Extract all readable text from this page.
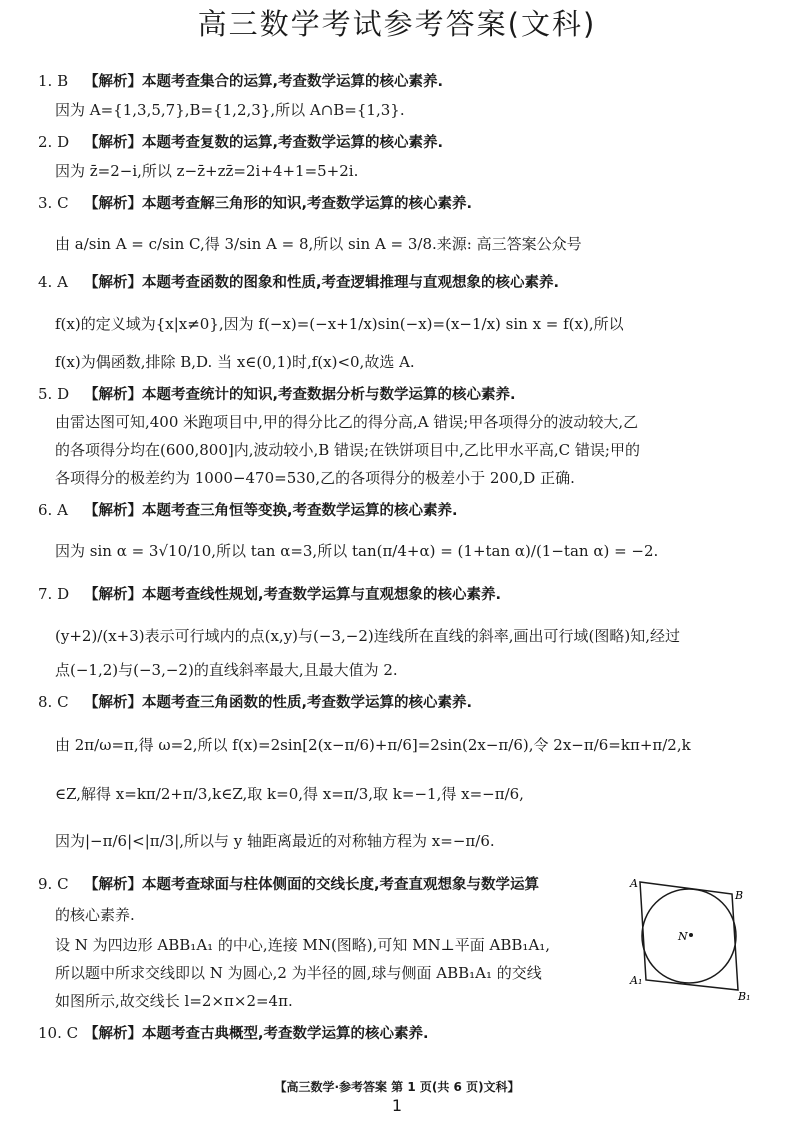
高三数学考试参考答案(文科)
1. B 【解析】本题考查集合的运算,考查数学运算的核心素养.
因为 A={1,3,5,7},B={1,2,3},所以 A∩B={1,3}.
2. D 【解析】本题考查复数的运算,考查数学运算的核心素养.
因为 z̄=2−i,所以 z−z̄+zz̄=2i+4+1=5+2i.
3. C 【解析】本题考查解三角形的知识,考查数学运算的核心素养.
由 a/sin A = c/sin C,得 3/sin A = 8,所以 sin A = 3/8.来源: 高三答案公众号
4. A 【解析】本题考查函数的图象和性质,考查逻辑推理与直观想象的核心素养.
f(x)的定义域为{x|x≠0},因为 f(−x)=(−x+1/x)sin(−x)=(x−1/x) sin x = f(x),所以
f(x)为偶函数,排除 B,D. 当 x∈(0,1)时,f(x)<0,故选 A.
5. D 【解析】本题考查统计的知识,考查数据分析与数学运算的核心素养.
由雷达图可知,400 米跑项目中,甲的得分比乙的得分高,A 错误;甲各项得分的波动较大,乙
的各项得分均在(600,800]内,波动较小,B 错误;在铁饼项目中,乙比甲水平高,C 错误;甲的
各项得分的极差约为 1000−470=530,乙的各项得分的极差小于 200,D 正确.
6. A 【解析】本题考查三角恒等变换,考查数学运算的核心素养.
因为 sin α = 3√10/10,所以 tan α=3,所以 tan(π/4+α) = (1+tan α)/(1−tan α) = −2.
7. D 【解析】本题考查线性规划,考查数学运算与直观想象的核心素养.
(y+2)/(x+3)表示可行域内的点(x,y)与(−3,−2)连线所在直线的斜率,画出可行域(图略)知,经过
点(−1,2)与(−3,−2)的直线斜率最大,且最大值为 2.
8. C 【解析】本题考查三角函数的性质,考查数学运算的核心素养.
由 2π/ω=π,得 ω=2,所以 f(x)=2sin[2(x−π/6)+π/6]=2sin(2x−π/6),令 2x−π/6=kπ+π/2,k
∈Z,解得 x=kπ/2+π/3,k∈Z,取 k=0,得 x=π/3,取 k=−1,得 x=−π/6,
因为|−π/6|<|π/3|,所以与 y 轴距离最近的对称轴方程为 x=−π/6.
9. C 【解析】本题考查球面与柱体侧面的交线长度,考查直观想象与数学运算
的核心素养.
设 N 为四边形 ABB₁A₁ 的中心,连接 MN(图略),可知 MN⊥平面 ABB₁A₁,
所以题中所求交线即以 N 为圆心,2 为半径的圆,球与侧面 ABB₁A₁ 的交线
如图所示,故交线长 l=2×π×2=4π.
A
B
A₁
B₁
N
10. C 【解析】本题考查古典概型,考查数学运算的核心素养.
【高三数学·参考答案 第 1 页(共 6 页)文科】
1
